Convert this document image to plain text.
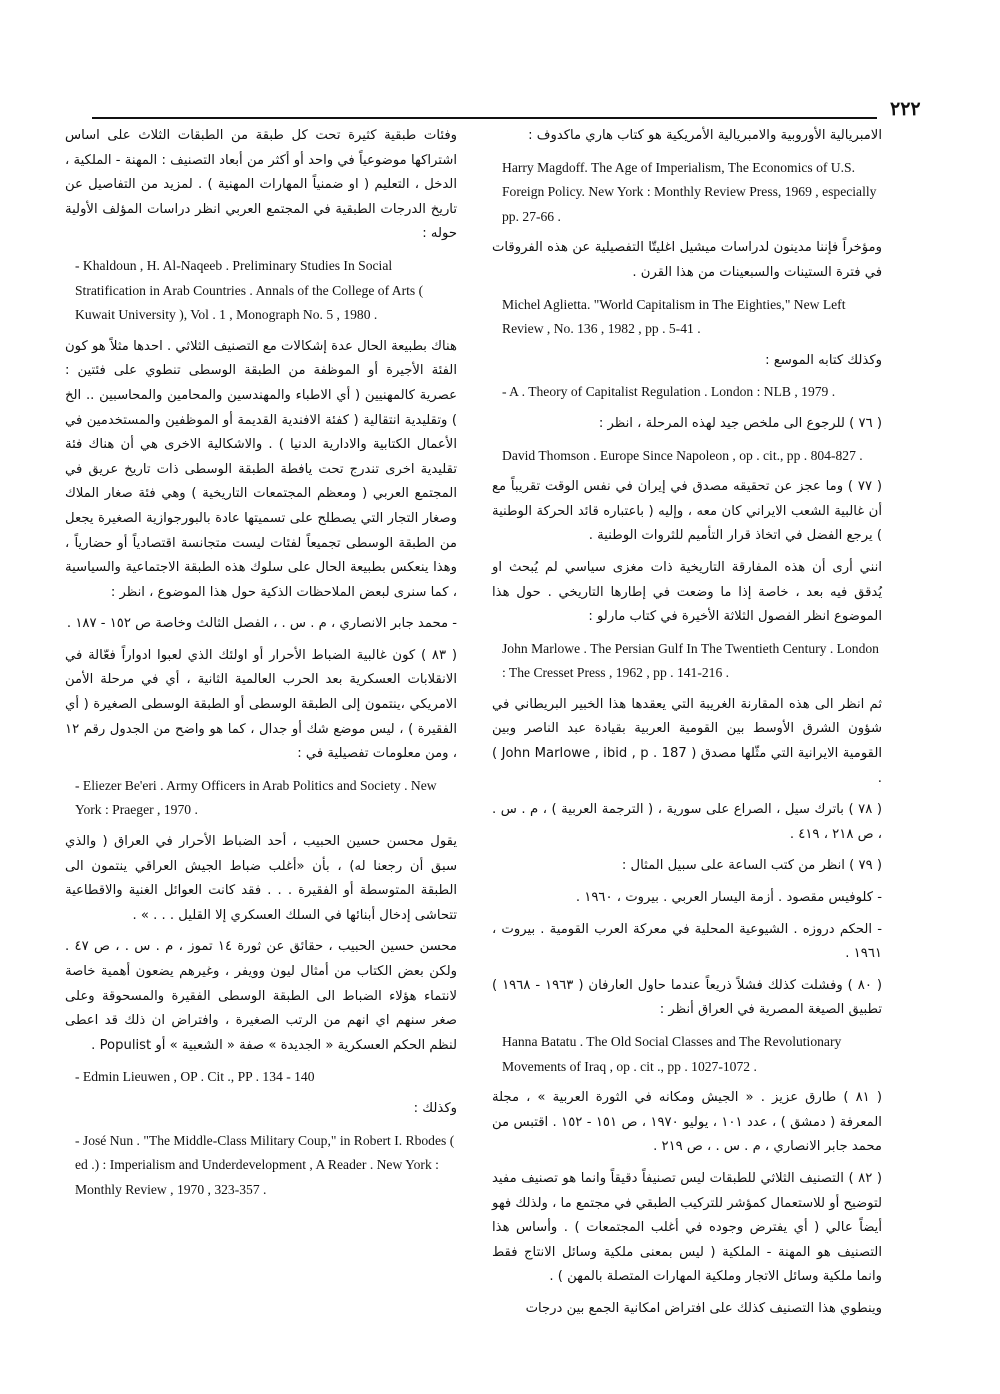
٢٢٢
الامبريالية الأوروبية والامبريالية الأمريكية هو كتاب هاري ماكدوف :
Harry Magdoff. The Age of Imperialism, The Economics of U.S. Foreign Policy. New York : Monthly Review Press, 1969 , especially pp. 27-66 .
ومؤخراً فإننا مدينون لدراسات ميشيل اغليتّا التفصيلية عن هذه الفروقات في فترة الستينات والسبعينات من هذا القرن .
Michel Aglietta. "World Capitalism in The Eighties," New Left Review , No. 136 , 1982 , pp . 5-41 .
وكذلك كتابه الموسع :
- A . Theory of Capitalist Regulation . London : NLB , 1979 .
( ٧٦ ) للرجوع الى ملخص جيد لهذه المرحلة ، انظر :
David Thomson . Europe Since Napoleon , op . cit., pp . 804-827 .
( ٧٧ ) وما عجز عن تحقيقه مصدق في إيران في نفس الوقت تقريباً مع أن غالبية الشعب الايراني كان معه ، وإليه ( باعتباره قائد الحركة الوطنية ) يرجع الفضل في اتخاذ قرار التأميم للثروات الوطنية .
انني أرى أن هذه المفارقة التاريخية ذات مغزى سياسي لم يُبحث او يُدقق فيه بعد ، خاصة إذا ما وضعت في إطارها التاريخي . حول هذا الموضوع انظر الفصول الثلاثة الأخيرة في كتاب مارلو :
John Marlowe . The Persian Gulf In The Twentieth Century . London : The Cresset Press , 1962 , pp . 141-216 .
ثم انظر الى هذه المقارنة الغريبة التي يعقدها هذا الخبير البريطاني في شؤون الشرق الأوسط بين القومية العربية بقيادة عبد الناصر وبين القومية الايرانية التي مثّلها مصدق ( John Marlowe , ibid , p . 187 ) .
( ٧٨ ) باترك سيل ، الصراع على سورية ، ( الترجمة العربية ) ، م . س . ، ص ٢١٨ ، ٤١٩ .
( ٧٩ ) انظر من كتب الساعة على سبيل المثال :
- كلوفيس مقصود . أزمة اليسار العربي . بيروت ، ١٩٦٠ .
- الحكم دروزه . الشيوعية المحلية في معركة العرب القومية . بيروت ، ١٩٦١ .
( ٨٠ ) وفشلت كذلك فشلاً ذريعاً عندما حاول العارفان ( ١٩٦٣ - ١٩٦٨ ) تطبيق الصيغة المصرية في العراق أنظر :
Hanna Batatu . The Old Social Classes and The Revolutionary Movements of Iraq , op . cit ., pp . 1027-1072 .
( ٨١ ) طارق عزيز . « الجيش ومكانه في الثورة العربية » ، مجلة المعرفة ( دمشق ) ، عدد ١٠١ ، يوليو ١٩٧٠ ، ص ١٥١ - ١٥٢ . اقتبس من محمد جابر الانصاري ، م . س . ، ص ٢١٩ .
( ٨٢ ) التصنيف الثلاثي للطبقات ليس تصنيفاً دقيقاً وانما هو تصنيف مفيد لتوضيح أو للاستعمال كمؤشر للتركيب الطبقي في مجتمع ما ، ولذلك فهو أيضاً عالي ( أي يفترض وجوده في أغلب المجتمعات ) . وأساس هذا التصنيف هو المهنة - الملكية ( ليس بمعنى ملكية وسائل الانتاج فقط وانما ملكية وسائل الاتجار وملكية المهارات المتصلة بالمهن ) .
وينطوي هذا التصنيف كذلك على افتراض امكانية الجمع بين درجات
وفئات طبقية كثيرة تحت كل طبقة من الطبقات الثلاث على اساس اشتراكها موضوعياً في واحد أو أكثر من أبعاد التصنيف : المهنة - الملكية ، الدخل ، التعليم ( او ضمنياً المهارات المهنية ) . لمزيد من التفاصيل عن تاريخ الدرجات الطبقية في المجتمع العربي انظر دراسات المؤلف الأولية حوله :
- Khaldoun , H. Al-Naqeeb . Preliminary Studies In Social Stratification in Arab Countries . Annals of the College of Arts ( Kuwait University ), Vol . 1 , Monograph No. 5 , 1980 .
هناك بطبيعة الحال عدة إشكالات مع التصنيف الثلاثي . احدها مثلاً هو كون الفئة الأجيرة أو الموظفة من الطبقة الوسطى تنطوي على فئتين : عصرية كالمهنيين ( أي الاطباء والمهندسين والمحامين والمحاسبين .. الخ ) وتقليدية انتقالية ( كفئة الافندية القديمة أو الموظفين والمستخدمين في الأعمال الكتابية والادارية الدنيا ) . والاشكالية الاخرى هي أن هناك فئة تقليدية اخرى تندرج تحت يافطة الطبقة الوسطى ذات تاريخ عريق في المجتمع العربي ( ومعظم المجتمعات التاريخية ) وهي فئة صغار الملاك وصغار التجار التي يصطلح على تسميتها عادة بالبورجوازية الصغيرة يجعل من الطبقة الوسطى تجميعاً لفئات ليست متجانسة اقتصادياً أو حضارياً ، وهذا ينعكس بطبيعة الحال على سلوك هذه الطبقة الاجتماعية والسياسية ، كما سنرى لبعض الملاحظات الذكية حول هذا الموضوع ، انظر :
- محمد جابر الانصاري ، م . س . ، الفصل الثالث وخاصة ص ١٥٢ - ١٨٧ .
( ٨٣ ) كون غالبية الضباط الأحرار أو اولئك الذي لعبوا ادواراً فعّالة في الانقلابات العسكرية بعد الحرب العالمية الثانية ، أي في مرحلة الأمن الامريكي ،ينتمون إلى الطبقة الوسطى أو الطبقة الوسطى الصغيرة ( أي الفقيرة ) ، ليس موضع شك أو جدال ، كما هو واضح من الجدول رقم ١٢ ، ومن معلومات تفصيلية في :
- Eliezer Be'eri . Army Officers in Arab Politics and Society . New York : Praeger , 1970 .
يقول محسن حسين الحبيب ، أحد الضباط الأحرار في العراق ( والذي سبق أن رجعنا له) ، بأن «أغلب ضباط الجيش العراقي ينتمون الى الطبقة المتوسطة أو الفقيرة . . . فقد كانت العوائل الغنية والاقطاعية تتحاشى إدخال أبنائها في السلك العسكري إلا القليل . . . » .
محسن حسين الحبيب ، حقائق عن ثورة ١٤ تموز ، م . س . ، ص ٤٧ . ولكن بعض الكتاب من أمثال ليون وويفر ، وغيرهم يضعون أهمية خاصة لانتماء هؤلاء الضباط الى الطبقة الوسطى الفقيرة والمسحوقة وعلى صغر سنهم اي انهم من الرتب الصغيرة ، وافتراض ان ذلك قد اعطى لنظم الحكم العسكرية « الجديدة » صفة « الشعبية » أو Populist .
- Edmin Lieuwen , OP . Cit ., PP . 134 - 140
وكذلك :
- José Nun . "The Middle-Class Military Coup," in Robert I. Rbodes ( ed .) : Imperialism and Underdevelopment , A Reader . New York : Monthly Review , 1970 , 323-357 .
